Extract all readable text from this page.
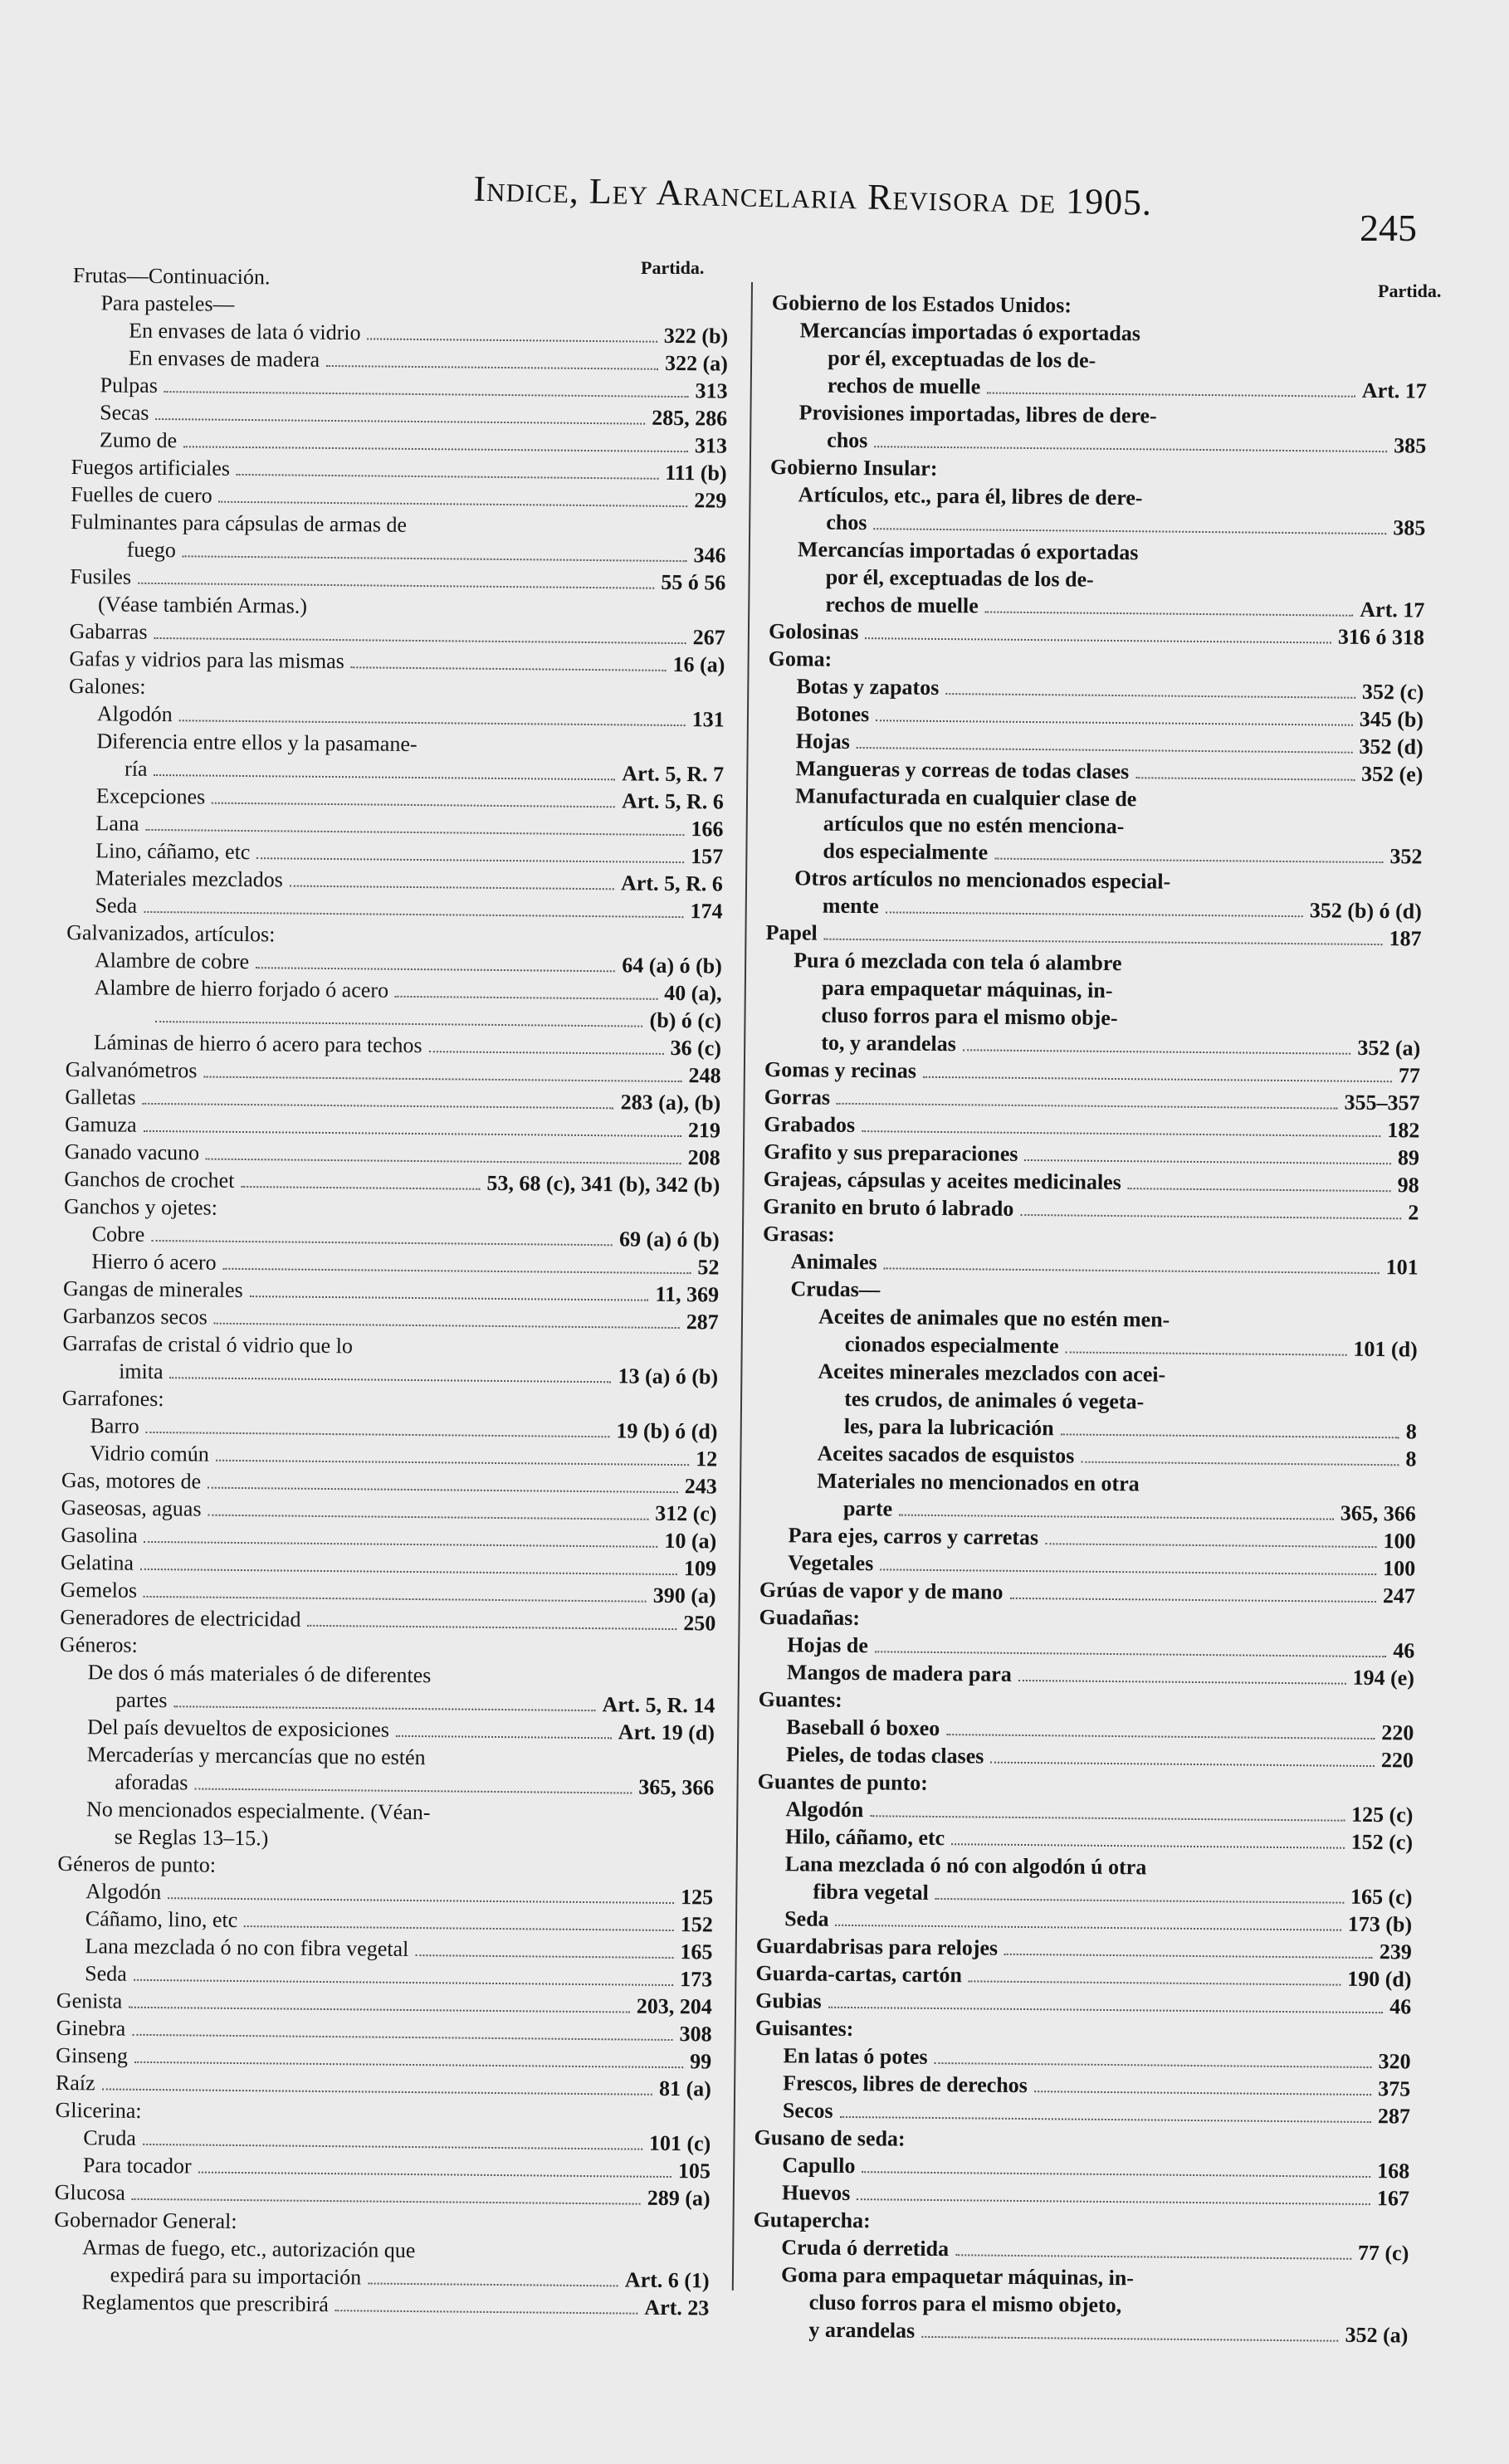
Indice, Ley Arancelaria Revisora de 1905.
245
Partida.
Partida.
Frutas—Continuación.
Para pasteles—
En envases de lata ó vidrio	322 (b)
En envases de madera	322 (a)
Pulpas	313
Secas	285, 286
Zumo de	313
Fuegos artificiales	111 (b)
Fuelles de cuero	229
Fulminantes para cápsulas de armas de
fuego	346
Fusiles	55 ó 56
(Véase también Armas.)
Gabarras	267
Gafas y vidrios para las mismas	16 (a)
Galones:
Algodón	131
Diferencia entre ellos y la pasamane-
ría	Art. 5, R. 7
Excepciones	Art. 5, R. 6
Lana	166
Lino, cáñamo, etc	157
Materiales mezclados	Art. 5, R. 6
Seda	174
Galvanizados, artículos:
Alambre de cobre	64 (a) ó (b)
Alambre de hierro forjado ó acero	40 (a),
(b) ó (c)
Láminas de hierro ó acero para techos	36 (c)
Galvanómetros	248
Galletas	283 (a), (b)
Gamuza	219
Ganado vacuno	208
Ganchos de crochet	53, 68 (c), 341 (b), 342 (b)
Ganchos y ojetes:
Cobre	69 (a) ó (b)
Hierro ó acero	52
Gangas de minerales	11, 369
Garbanzos secos	287
Garrafas de cristal ó vidrio que lo
imita	13 (a) ó (b)
Garrafones:
Barro	19 (b) ó (d)
Vidrio común	12
Gas, motores de	243
Gaseosas, aguas	312 (c)
Gasolina	10 (a)
Gelatina	109
Gemelos	390 (a)
Generadores de electricidad	250
Géneros:
De dos ó más materiales ó de diferentes
partes	Art. 5, R. 14
Del país devueltos de exposiciones	Art. 19 (d)
Mercaderías y mercancías que no estén
aforadas	365, 366
No mencionados especialmente. (Véan-
se Reglas 13–15.)
Géneros de punto:
Algodón	125
Cáñamo, lino, etc	152
Lana mezclada ó no con fibra vegetal	165
Seda	173
Genista	203, 204
Ginebra	308
Ginseng	99
Raíz	81 (a)
Glicerina:
Cruda	101 (c)
Para tocador	105
Glucosa	289 (a)
Gobernador General:
Armas de fuego, etc., autorización que
expedirá para su importación	Art. 6 (1)
Reglamentos que prescribirá	Art. 23
Gobierno de los Estados Unidos:
Mercancías importadas ó exportadas
por él, exceptuadas de los de-
rechos de muelle	Art. 17
Provisiones importadas, libres de dere-
chos	385
Gobierno Insular:
Artículos, etc., para él, libres de dere-
chos	385
Mercancías importadas ó exportadas
por él, exceptuadas de los de-
rechos de muelle	Art. 17
Golosinas	316 ó 318
Goma:
Botas y zapatos	352 (c)
Botones	345 (b)
Hojas	352 (d)
Mangueras y correas de todas clases	352 (e)
Manufacturada en cualquier clase de
artículos que no estén menciona-
dos especialmente	352
Otros artículos no mencionados especial-
mente	352 (b) ó (d)
Papel	187
Pura ó mezclada con tela ó alambre
para empaquetar máquinas, in-
cluso forros para el mismo obje-
to, y arandelas	352 (a)
Gomas y recinas	77
Gorras	355–357
Grabados	182
Grafito y sus preparaciones	89
Grajeas, cápsulas y aceites medicinales	98
Granito en bruto ó labrado	2
Grasas:
Animales	101
Crudas—
Aceites de animales que no estén men-
cionados especialmente	101 (d)
Aceites minerales mezclados con acei-
tes crudos, de animales ó vegeta-
les, para la lubricación	8
Aceites sacados de esquistos	8
Materiales no mencionados en otra
parte	365, 366
Para ejes, carros y carretas	100
Vegetales	100
Grúas de vapor y de mano	247
Guadañas:
Hojas de	46
Mangos de madera para	194 (e)
Guantes:
Baseball ó boxeo	220
Pieles, de todas clases	220
Guantes de punto:
Algodón	125 (c)
Hilo, cáñamo, etc	152 (c)
Lana mezclada ó nó con algodón ú otra
fibra vegetal	165 (c)
Seda	173 (b)
Guardabrisas para relojes	239
Guarda-cartas, cartón	190 (d)
Gubias	46
Guisantes:
En latas ó potes	320
Frescos, libres de derechos	375
Secos	287
Gusano de seda:
Capullo	168
Huevos	167
Gutapercha:
Cruda ó derretida	77 (c)
Goma para empaquetar máquinas, in-
cluso forros para el mismo objeto,
y arandelas	352 (a)
